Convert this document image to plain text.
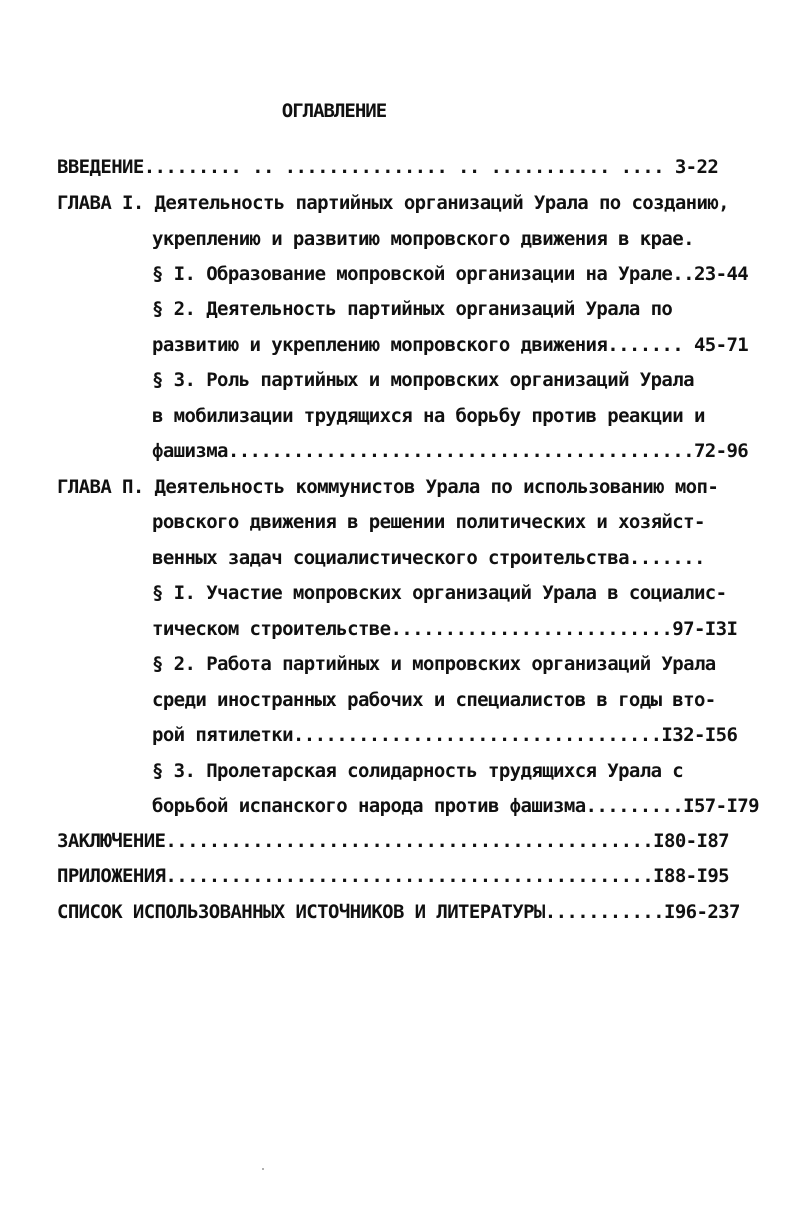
ОГЛАВЛЕНИЕ
ВВЕДЕНИЕ......... .. ............... .. ........... .... 3-22
ГЛАВА I. Деятельность партийных организаций Урала по созданию,
укреплению и развитию мопровского движения в крае.
§ I. Образование мопровской организации на Урале..23-44
§ 2. Деятельность партийных организаций Урала по
развитию и укреплению мопровского движения....... 45-71
§ 3. Роль партийных и мопровских организаций Урала
в мобилизации трудящихся на борьбу против реакции и
фашизма...........................................72-96
ГЛАВА П. Деятельность коммунистов Урала по использованию моп-
ровского движения в решении политических и хозяйст-
венных задач социалистического строительства.......
§ I. Участие мопровских организаций Урала в социалис-
тическом строительстве..........................97-I3I
§ 2. Работа партийных и мопровских организаций Урала
среди иностранных рабочих и специалистов в годы вто-
рой пятилетки..................................I32-I56
§ 3. Пролетарская солидарность трудящихся Урала с
борьбой испанского народа против фашизма.........I57-I79
ЗАКЛЮЧЕНИЕ.............................................I80-I87
ПРИЛОЖЕНИЯ.............................................I88-I95
СПИСОК ИСПОЛЬЗОВАННЫХ ИСТОЧНИКОВ И ЛИТЕРАТУРЫ...........I96-237
